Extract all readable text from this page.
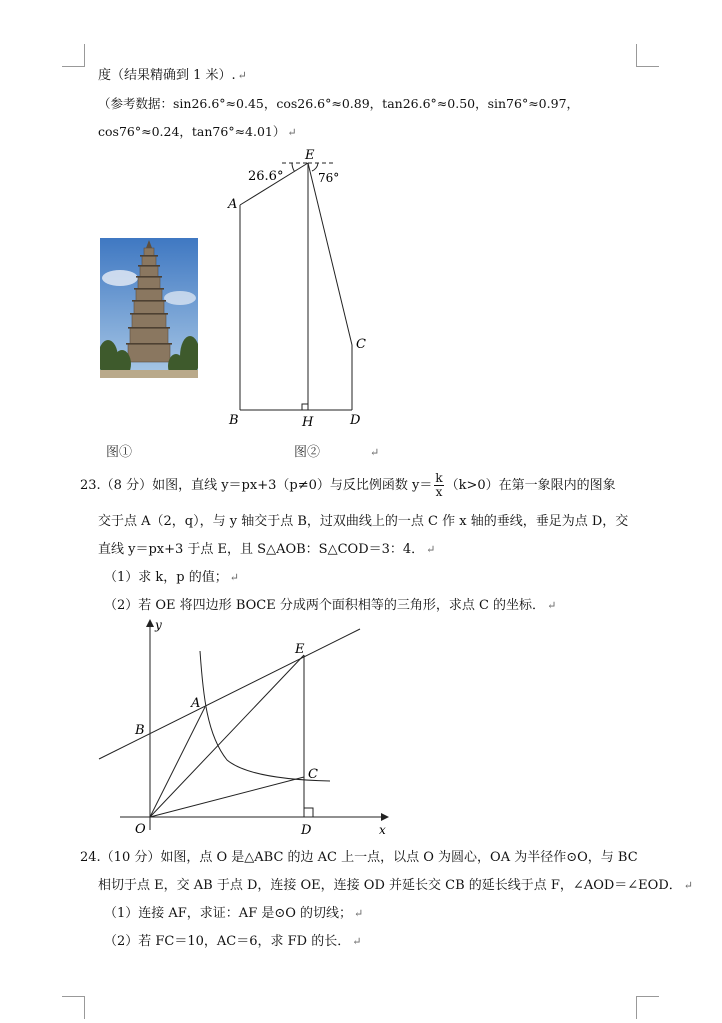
度（结果精确到 1 米）. ↵
（参考数据：sin26.6°≈0.45，cos26.6°≈0.89，tan26.6°≈0.50，sin76°≈0.97，
cos76°≈0.24，tan76°≈4.01） ↵
图①
E
26.6°	76°
A
C
B	H	D
图②	↵
23.（8 分）如图，直线 y＝px+3（p≠0）与反比例函数 $y= \frac{k}{x} (k>0)$在第一象限内的图象
交于点 A（2，q），与 y 轴交于点 B，过双曲线上的一点 C 作 x 轴的垂线，垂足为点 D，交
直线 y＝px+3 于点 E，且 S△AOB：S△COD＝3：4． ↵
（1）求 k，p 的值； ↵
（2）若 OE 将四边形 BOCE 分成两个面积相等的三角形，求点 C 的坐标． ↵
y
E
A
B
C
O	D	x
24.（10 分）如图，点 O 是△ABC 的边 AC 上一点，以点 O 为圆心，OA 为半径作⊙O，与 BC
相切于点 E，交 AB 于点 D，连接 OE，连接 OD 并延长交 CB 的延长线于点 F，∠AOD＝∠EOD． ↵
（1）连接 AF，求证：AF 是⊙O 的切线； ↵
（2）若 FC＝10，AC＝6，求 FD 的长． ↵
